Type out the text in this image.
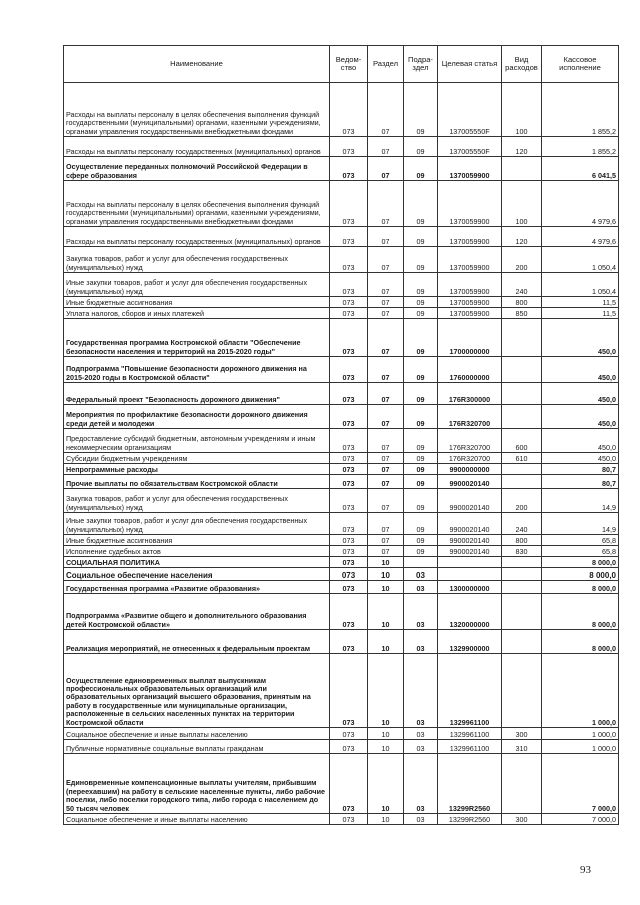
Наименование	Ведом-ство	Раздел	Подра-здел	Целевая статья	Вид расходов	Кассовое исполнение
Расходы на выплаты персоналу в целях обеспечения выполнения функций государственными (муниципальными) органами, казенными учреждениями, органами управления государственными внебюджетными фондами	073	07	09	137005550F	100	1 855,2
Расходы на выплаты персоналу государственных (муниципальных) органов	073	07	09	137005550F	120	1 855,2
Осуществление переданных полномочий Российской Федерации в сфере образования	073	07	09	1370059900		6 041,5
Расходы на выплаты персоналу в целях обеспечения выполнения функций государственными (муниципальными) органами, казенными учреждениями, органами управления государственными внебюджетными фондами	073	07	09	1370059900	100	4 979,6
Расходы на выплаты персоналу государственных (муниципальных) органов	073	07	09	1370059900	120	4 979,6
Закупка товаров, работ и услуг для обеспечения государственных (муниципальных) нужд	073	07	09	1370059900	200	1 050,4
Иные закупки товаров, работ и услуг для обеспечения государственных (муниципальных) нужд	073	07	09	1370059900	240	1 050,4
Иные бюджетные ассигнования	073	07	09	1370059900	800	11,5
Уплата налогов, сборов и иных платежей	073	07	09	1370059900	850	11,5
Государственная программа Костромской области "Обеспечение безопасности населения и территорий на 2015-2020 годы"	073	07	09	1700000000		450,0
Подпрограмма "Повышение безопасности дорожного движения на 2015-2020 годы в Костромской области"	073	07	09	1760000000		450,0
Федеральный проект "Безопасность дорожного движения"	073	07	09	176R300000		450,0
Мероприятия по профилактике безопасности дорожного движения среди детей и молодежи	073	07	09	176R320700		450,0
Предоставление субсидий бюджетным, автономным учреждениям и иным некоммерческим организациям	073	07	09	176R320700	600	450,0
Субсидии бюджетным учреждениям	073	07	09	176R320700	610	450,0
Непрограммные расходы	073	07	09	9900000000		80,7
Прочие выплаты по обязательствам Костромской области	073	07	09	9900020140		80,7
Закупка товаров, работ и услуг для обеспечения государственных (муниципальных) нужд	073	07	09	9900020140	200	14,9
Иные закупки товаров, работ и услуг для обеспечения государственных (муниципальных) нужд	073	07	09	9900020140	240	14,9
Иные бюджетные ассигнования	073	07	09	9900020140	800	65,8
Исполнение судебных актов	073	07	09	9900020140	830	65,8
СОЦИАЛЬНАЯ ПОЛИТИКА	073	10				8 000,0
Социальное обеспечение населения	073	10	03			8 000,0
Государственная программа «Развитие образования»	073	10	03	1300000000		8 000,0
Подпрограмма «Развитие общего и дополнительного образования детей Костромской области»	073	10	03	1320000000		8 000,0
Реализация мероприятий, не отнесенных к федеральным проектам	073	10	03	1329900000		8 000,0
Осуществление единовременных выплат выпускникам профессиональных образовательных организаций или образовательных организаций высшего образования, принятым на работу в государственные или муниципальные организации, расположенные в сельских населенных пунктах на территории Костромской области	073	10	03	1329961100		1 000,0
Социальное обеспечение и иные выплаты населению	073	10	03	1329961100	300	1 000,0
Публичные нормативные социальные выплаты гражданам	073	10	03	1329961100	310	1 000,0
Единовременные компенсационные выплаты учителям, прибывшим (переехавшим) на работу в сельские населенные пункты, либо рабочие поселки, либо поселки городского типа, либо города с населением до 50 тысяч человек	073	10	03	13299R2560		7 000,0
Социальное обеспечение и иные выплаты населению	073	10	03	13299R2560	300	7 000,0
93
